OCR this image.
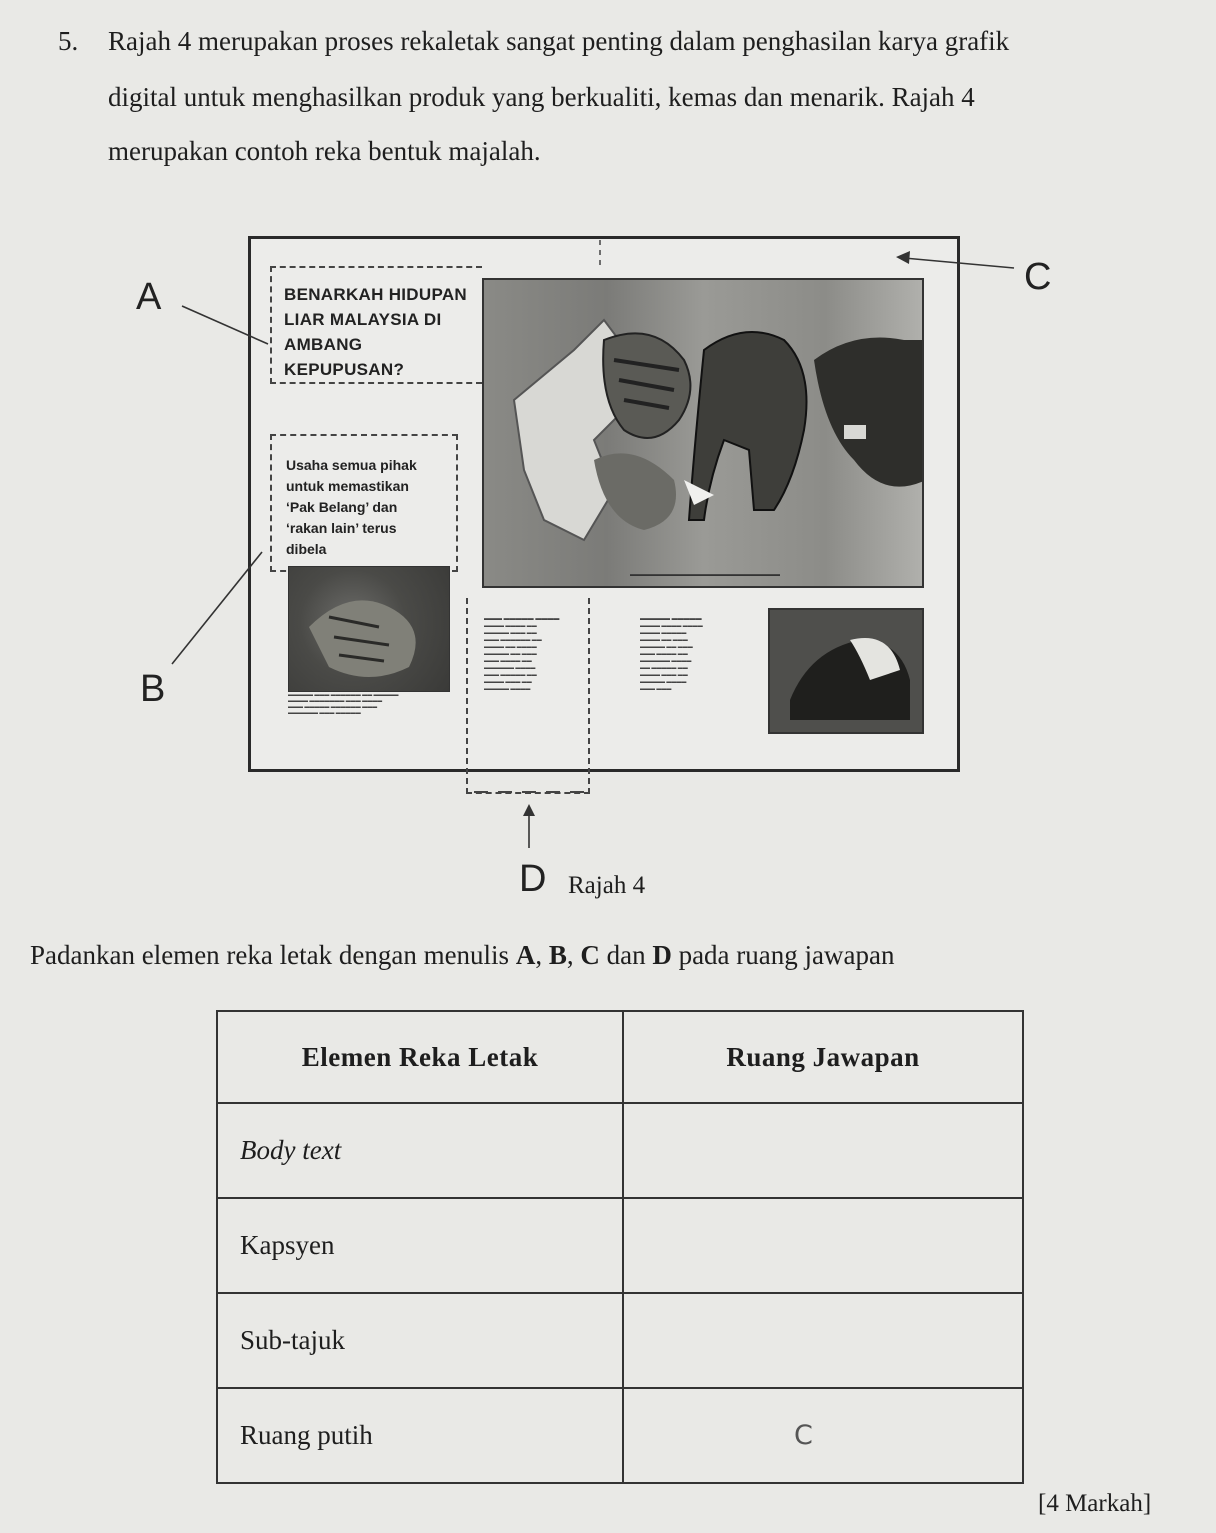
5. Rajah 4 merupakan proses rekaletak sangat penting dalam penghasilan karya grafik
digital untuk menghasilkan produk yang berkualiti, kemas dan menarik. Rajah 4
merupakan contoh reka bentuk majalah.
BENARKAH HIDUPAN
LIAR MALAYSIA DI
AMBANG
KEPUPUSAN?
Usaha semua pihak
untuk memastikan
‘Pak Belang’ dan
‘rakan lain’ terus
dibela
▬▬▬▬▬▬▬▬▬▬▬▬▬▬▬▬▬▬▬▬▬▬▬▬▬
▬▬▬▬▬ ▬▬▬ ▬▬▬▬▬▬ ▬▬ ▬▬▬▬▬
▬▬▬▬ ▬▬▬▬▬▬▬ ▬▬▬ ▬▬▬▬
▬▬▬ ▬▬▬▬▬ ▬▬▬▬▬▬ ▬▬▬
▬▬▬▬▬▬ ▬▬▬ ▬▬▬▬▬
▬▬▬ ▬▬▬▬▬ ▬▬▬▬
▬▬▬▬ ▬▬▬▬ ▬▬
▬▬▬▬▬ ▬▬▬ ▬▬
▬▬▬ ▬▬▬▬▬▬ ▬▬
▬▬▬▬ ▬▬ ▬▬▬▬
▬▬▬▬▬ ▬▬ ▬▬▬
▬▬▬ ▬▬▬▬ ▬▬
▬▬▬▬▬▬ ▬▬▬▬
▬▬▬ ▬▬▬▬▬ ▬▬
▬▬▬▬ ▬▬▬ ▬▬
▬▬▬▬▬ ▬▬▬▬
▬▬▬▬▬ ▬▬▬▬▬
▬▬▬▬ ▬▬▬▬ ▬▬▬▬
▬▬▬▬ ▬▬▬▬▬
▬▬▬▬ ▬▬ ▬▬▬
▬▬▬▬▬ ▬▬ ▬▬▬
▬▬▬ ▬▬▬▬ ▬▬
▬▬▬▬▬▬ ▬▬▬▬
▬▬ ▬▬▬▬▬ ▬▬
▬▬▬▬ ▬▬▬ ▬▬
▬▬▬▬▬ ▬▬▬▬
▬▬▬ ▬▬▬
A
B
C
D Rajah 4
Padankan elemen reka letak dengan menulis A, B, C dan D pada ruang jawapan
Elemen Reka Letak	Ruang Jawapan
Body text	
Kapsyen	
Sub-tajuk	
Ruang putih	C
[4 Markah]
